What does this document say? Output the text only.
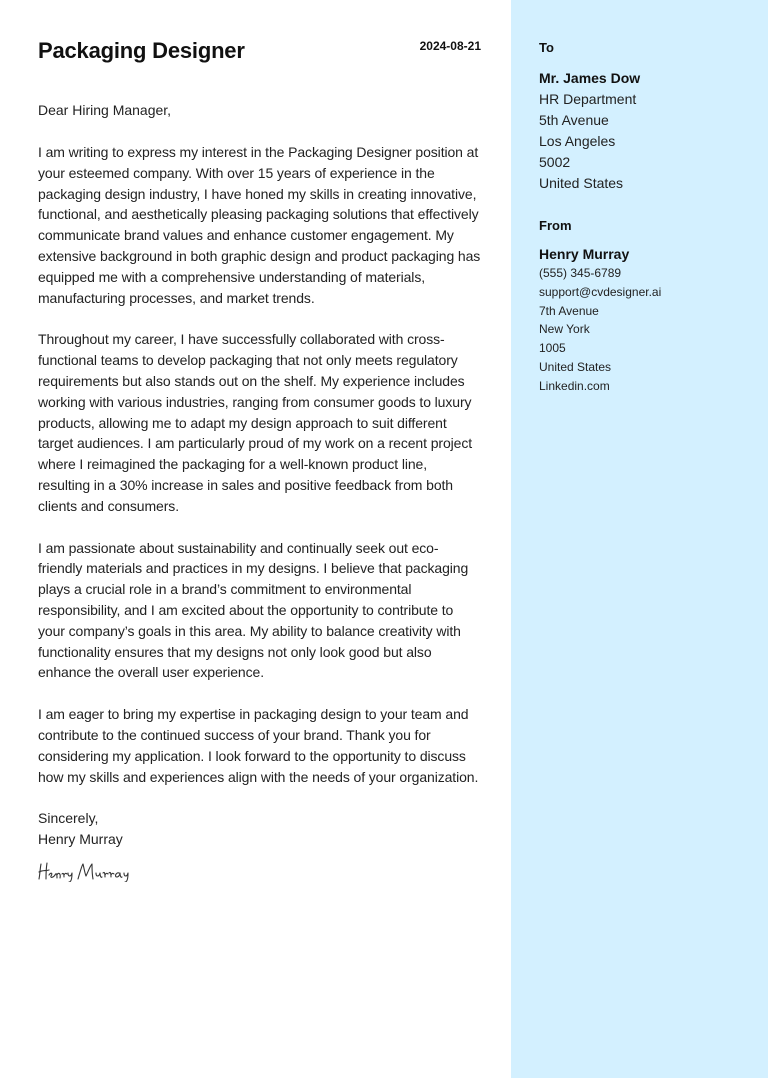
Packaging Designer	2024-08-21

Dear Hiring Manager,

I am writing to express my interest in the Packaging Designer position at your esteemed company. With over 15 years of experience in the packaging design industry, I have honed my skills in creating innovative, functional, and aesthetically pleasing packaging solutions that effectively communicate brand values and enhance customer engagement. My extensive background in both graphic design and product packaging has equipped me with a comprehensive understanding of materials, manufacturing processes, and market trends.

Throughout my career, I have successfully collaborated with cross-functional teams to develop packaging that not only meets regulatory requirements but also stands out on the shelf. My experience includes working with various industries, ranging from consumer goods to luxury products, allowing me to adapt my design approach to suit different target audiences. I am particularly proud of my work on a recent project where I reimagined the packaging for a well-known product line, resulting in a 30% increase in sales and positive feedback from both clients and consumers.

I am passionate about sustainability and continually seek out eco-friendly materials and practices in my designs. I believe that packaging plays a crucial role in a brand’s commitment to environmental responsibility, and I am excited about the opportunity to contribute to your company’s goals in this area. My ability to balance creativity with functionality ensures that my designs not only look good but also enhance the overall user experience.

I am eager to bring my expertise in packaging design to your team and contribute to the continued success of your brand. Thank you for considering my application. I look forward to the opportunity to discuss how my skills and experiences align with the needs of your organization.

Sincerely,
Henry Murray
Henry Murray
To
Mr. James Dow
HR Department
5th Avenue
Los Angeles
5002
United States
From
Henry Murray
(555) 345-6789
support@cvdesigner.ai
7th Avenue
New York
1005
United States
Linkedin.com
